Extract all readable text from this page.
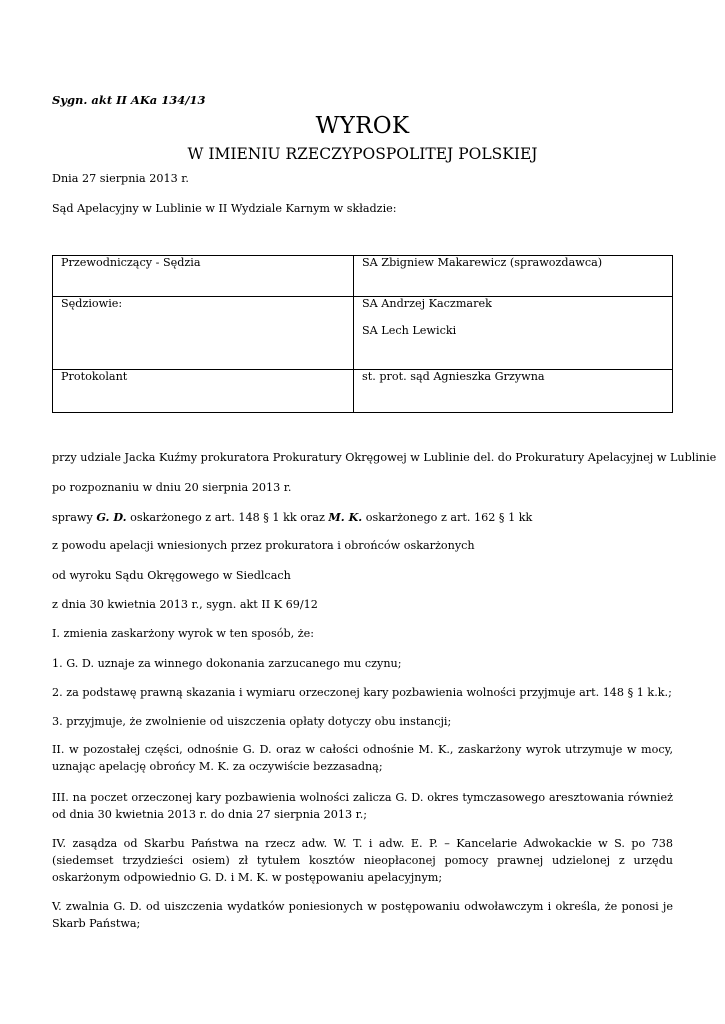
Sygn. akt II AKa 134/13
WYROK
W IMIENIU RZECZYPOSPOLITEJ POLSKIEJ
Dnia 27 sierpnia 2013 r.
Sąd Apelacyjny w Lublinie w II Wydziale Karnym w składzie:
Przewodniczący - Sędzia	SA Zbigniew Makarewicz (sprawozdawca)

Sędziowie:	SA Andrzej Kaczmarek
SA Lech Lewicki

Protokolant	st. prot. sąd Agnieszka Grzywna
przy udziale Jacka Kuźmy prokuratora Prokuratury Okręgowej w Lublinie del. do Prokuratury Apelacyjnej w Lublinie
po rozpoznaniu w dniu 20 sierpnia 2013 r.
sprawy G. D. oskarżonego z art. 148 § 1 kk oraz M. K. oskarżonego z art. 162 § 1 kk
z powodu apelacji wniesionych przez prokuratora i obrońców oskarżonych
od wyroku Sądu Okręgowego w Siedlcach
z dnia 30 kwietnia 2013 r., sygn. akt II K 69/12
I. zmienia zaskarżony wyrok w ten sposób, że:
1. G. D. uznaje za winnego dokonania zarzucanego mu czynu;
2. za podstawę prawną skazania i wymiaru orzeczonej kary pozbawienia wolności przyjmuje art. 148 § 1 k.k.;
3. przyjmuje, że zwolnienie od uiszczenia opłaty dotyczy obu instancji;
II. w pozostałej części, odnośnie G. D. oraz w całości odnośnie M. K., zaskarżony wyrok utrzymuje w mocy, uznając apelację obrońcy M. K. za oczywiście bezzasadną;
III. na poczet orzeczonej kary pozbawienia wolności zalicza G. D. okres tymczasowego aresztowania również od dnia 30 kwietnia 2013 r. do dnia 27 sierpnia 2013 r.;
IV. zasądza od Skarbu Państwa na rzecz adw. W. T. i adw. E. P. – Kancelarie Adwokackie w S. po 738 (siedemset trzydzieści osiem) zł tytułem kosztów nieopłaconej pomocy prawnej udzielonej z urzędu oskarżonym odpowiednio G. D. i M. K. w postępowaniu apelacyjnym;
V. zwalnia G. D. od uiszczenia wydatków poniesionych w postępowaniu odwoławczym i określa, że ponosi je Skarb Państwa;
